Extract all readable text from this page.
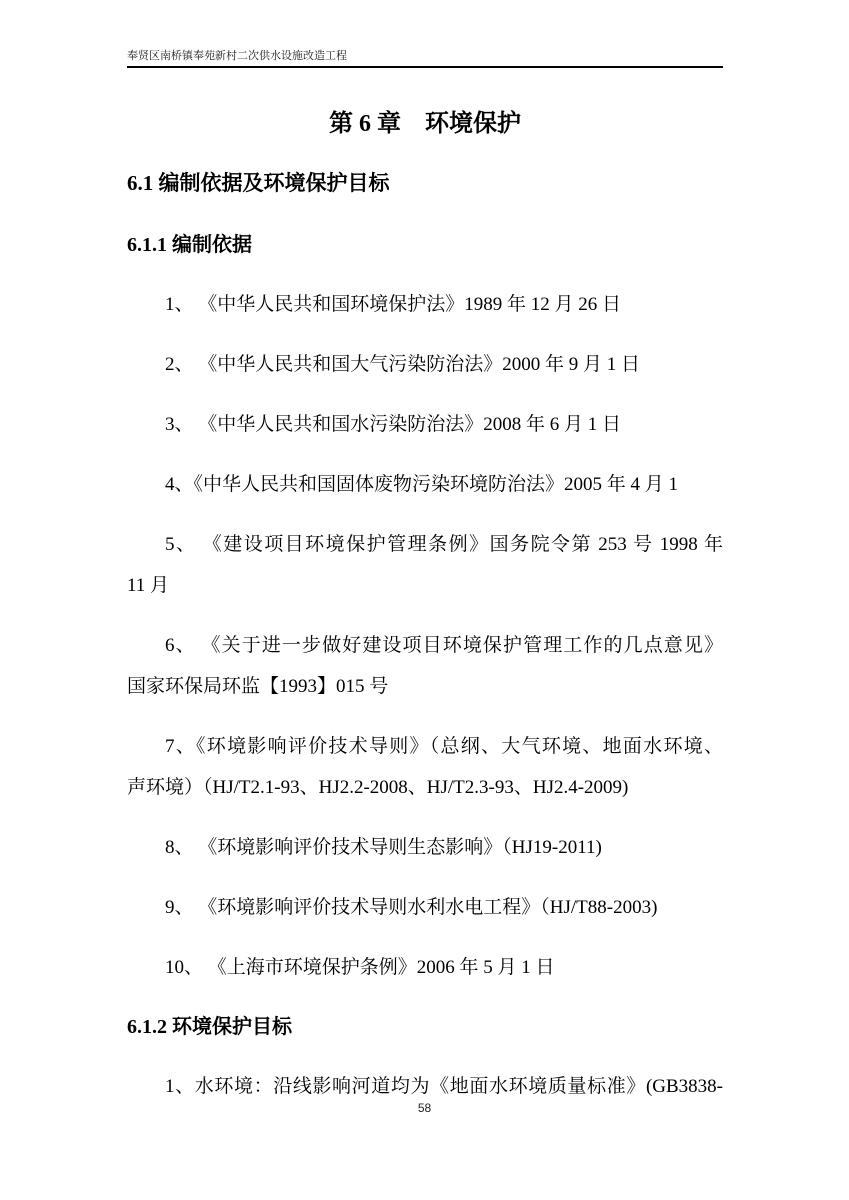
奉贤区南桥镇奉苑新村二次供水设施改造工程
第 6 章　环境保护
6.1 编制依据及环境保护目标
6.1.1 编制依据
1、 《中华人民共和国环境保护法》1989 年 12 月 26 日
2、 《中华人民共和国大气污染防治法》2000 年 9 月 1 日
3、 《中华人民共和国水污染防治法》2008 年 6 月 1 日
4、《中华人民共和国固体废物污染环境防治法》2005 年 4 月 1
5、 《建设项目环境保护管理条例》国务院令第 253 号 1998 年
11 月
6、 《关于进一步做好建设项目环境保护管理工作的几点意见》
国家环保局环监【1993】015 号
7、《环境影响评价技术导则》（总纲、大气环境、地面水环境、
声环境）（HJ/T2.1-93、HJ2.2-2008、HJ/T2.3-93、HJ2.4-2009)
8、 《环境影响评价技术导则生态影响》（HJ19-2011)
9、 《环境影响评价技术导则水利水电工程》（HJ/T88-2003)
10、 《上海市环境保护条例》2006 年 5 月 1 日
6.1.2 环境保护目标
1、水环境：沿线影响河道均为《地面水环境质量标准》(GB3838-
58
